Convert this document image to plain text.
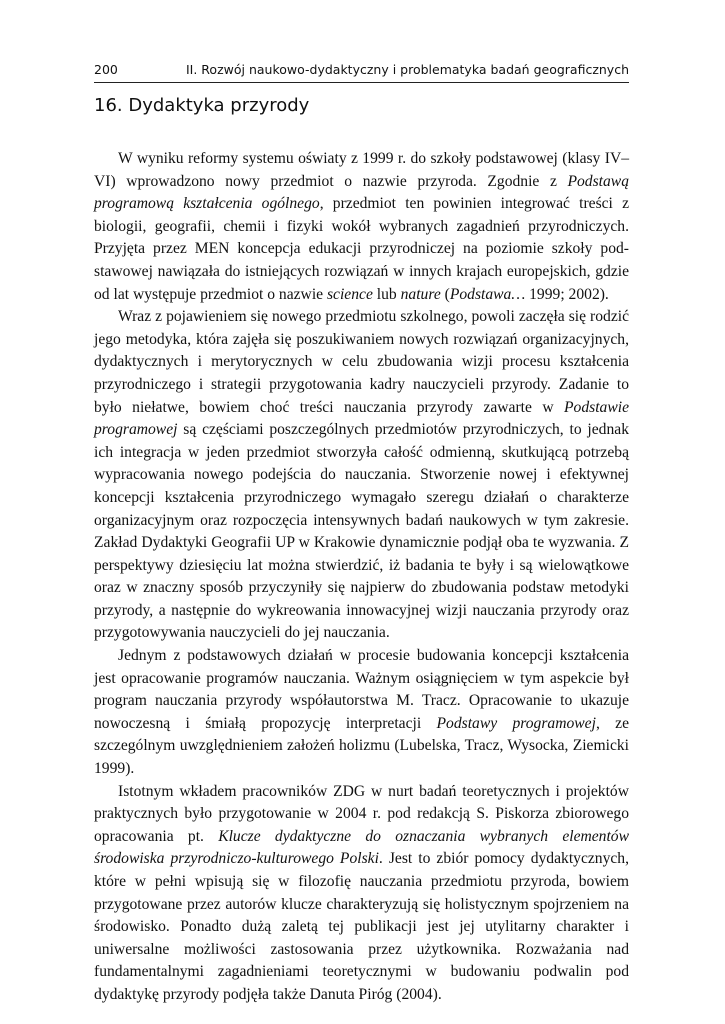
200	II. Rozwój naukowo-dydaktyczny i problematyka badań geograficznych
16. Dydaktyka przyrody

W wyniku reformy systemu oświaty z 1999 r. do szkoły podstawowej (klasy IV–VI) wprowadzono nowy przedmiot o nazwie przyroda. Zgodnie z Podstawą programową kształcenia ogólnego, przedmiot ten powinien integrować treści z biologii, geografii, chemii i fizyki wokół wybranych zagadnień przyrodniczych. Przyjęta przez MEN koncepcja edukacji przyrodniczej na poziomie szkoły podstawowej nawiązała do istniejących rozwiązań w innych krajach europejskich, gdzie od lat występuje przedmiot o nazwie science lub nature (Podstawa… 1999; 2002).

Wraz z pojawieniem się nowego przedmiotu szkolnego, powoli zaczęła się rodzić jego metodyka, która zajęła się poszukiwaniem nowych rozwiązań organizacyjnych, dydaktycznych i merytorycznych w celu zbudowania wizji procesu kształcenia przyrodniczego i strategii przygotowania kadry nauczycieli przyrody. Zadanie to było niełatwe, bowiem choć treści nauczania przyrody zawarte w Podstawie programowej są częściami poszczególnych przedmiotów przyrodniczych, to jednak ich integracja w jeden przedmiot stworzyła całość odmienną, skutkującą potrzebą wypracowania nowego podejścia do nauczania. Stworzenie nowej i efektywnej koncepcji kształcenia przyrodniczego wymagało szeregu działań o charakterze organizacyjnym oraz rozpoczęcia intensywnych badań naukowych w tym zakresie. Zakład Dydaktyki Geografii UP w Krakowie dynamicznie podjął oba te wyzwania. Z perspektywy dziesięciu lat można stwierdzić, iż badania te były i są wielowątkowe oraz w znaczny sposób przyczyniły się najpierw do zbudowania podstaw metodyki przyrody, a następnie do wykreowania innowacyjnej wizji nauczania przyrody oraz przygotowywania nauczycieli do jej nauczania.

Jednym z podstawowych działań w procesie budowania koncepcji kształcenia jest opracowanie programów nauczania. Ważnym osiągnięciem w tym aspekcie był program nauczania przyrody współautorstwa M. Tracz. Opracowanie to ukazuje nowoczesną i śmiałą propozycję interpretacji Podstawy programowej, ze szczególnym uwzględnieniem założeń holizmu (Lubelska, Tracz, Wysocka, Ziemicki 1999).

Istotnym wkładem pracowników ZDG w nurt badań teoretycznych i projektów praktycznych było przygotowanie w 2004 r. pod redakcją S. Piskorza zbiorowego opracowania pt. Klucze dydaktyczne do oznaczania wybranych elementów środowiska przyrodniczo-kulturowego Polski. Jest to zbiór pomocy dydaktycznych, które w pełni wpisują się w filozofię nauczania przedmiotu przyroda, bowiem przygotowane przez autorów klucze charakteryzują się holistycznym spojrzeniem na środowisko. Ponadto dużą zaletą tej publikacji jest jej utylitarny charakter i uniwersalne możliwości zastosowania przez użytkownika. Rozważania nad fundamentalnymi zagadnieniami teoretycznymi w budowaniu podwalin pod dydaktykę przyrody podjęła także Danuta Piróg (2004).
